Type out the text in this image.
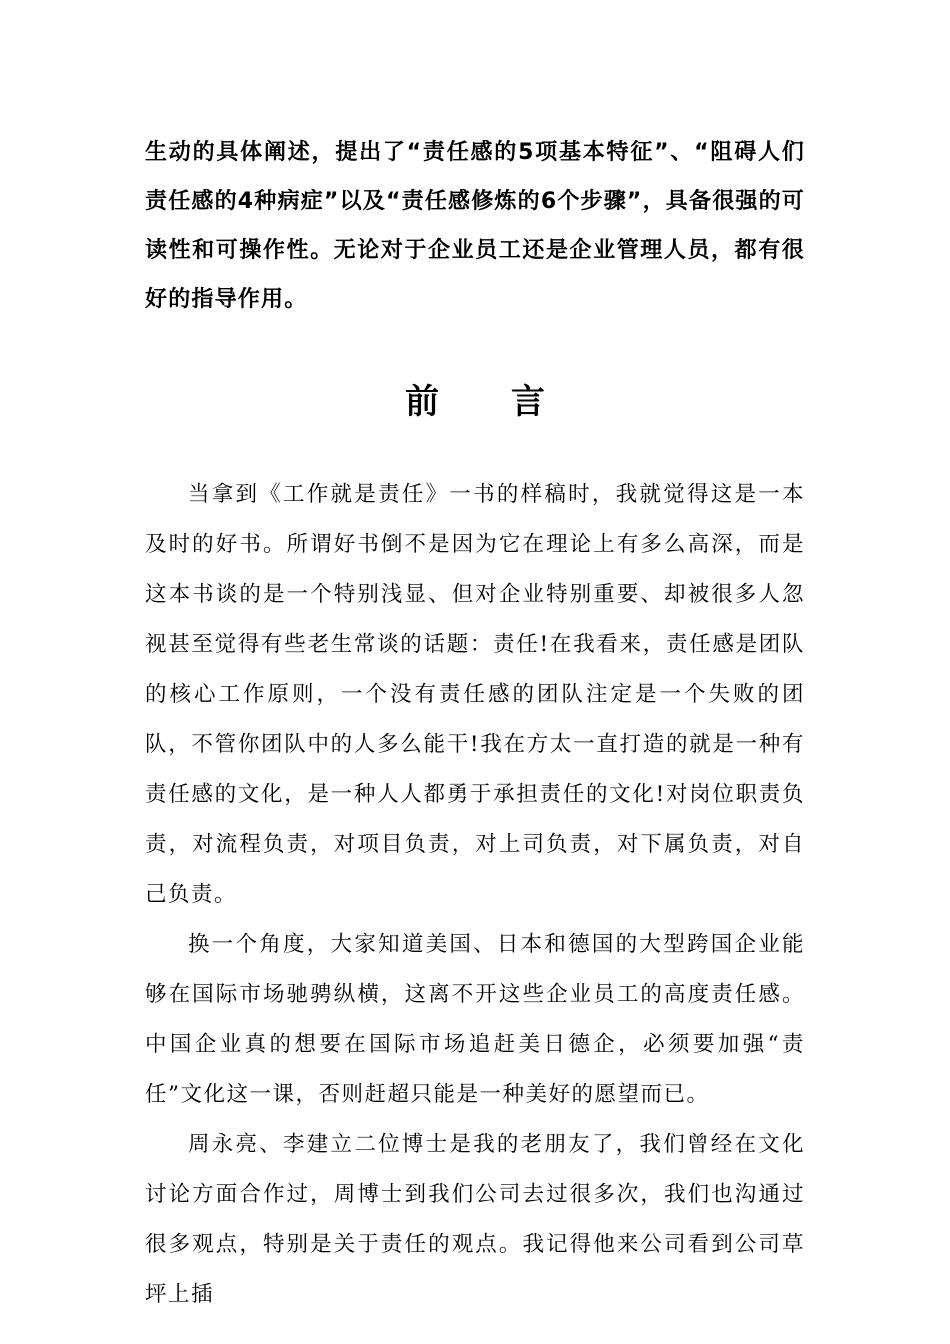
生动的具体阐述，提出了“责任感的5项基本特征”、“阻碍人们责任感的4种病症”以及“责任感修炼的6个步骤”，具备很强的可读性和可操作性。无论对于企业员工还是企业管理人员，都有很好的指导作用。

前 言

当拿到《工作就是责任》一书的样稿时，我就觉得这是一本及时的好书。所谓好书倒不是因为它在理论上有多么高深，而是这本书谈的是一个特别浅显、但对企业特别重要、却被很多人忽视甚至觉得有些老生常谈的话题：责任!在我看来，责任感是团队的核心工作原则，一个没有责任感的团队注定是一个失败的团队，不管你团队中的人多么能干!我在方太一直打造的就是一种有责任感的文化，是一种人人都勇于承担责任的文化!对岗位职责负责，对流程负责，对项目负责，对上司负责，对下属负责，对自己负责。

换一个角度，大家知道美国、日本和德国的大型跨国企业能够在国际市场驰骋纵横，这离不开这些企业员工的高度责任感。中国企业真的想要在国际市场追赶美日德企，必须要加强“责任”文化这一课，否则赶超只能是一种美好的愿望而已。

周永亮、李建立二位博士是我的老朋友了，我们曾经在文化讨论方面合作过，周博士到我们公司去过很多次，我们也沟通过很多观点，特别是关于责任的观点。我记得他来公司看到公司草坪上插
